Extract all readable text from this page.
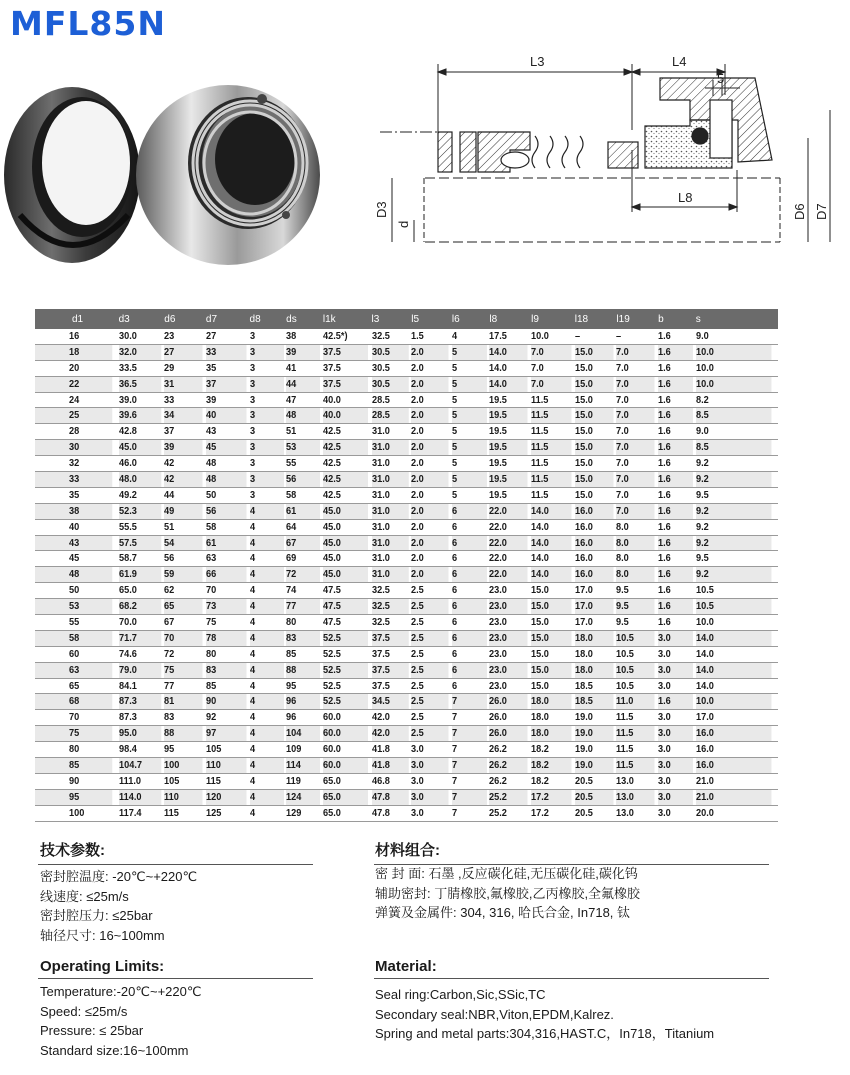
MFL85N
L3	L4
5
L8
D3
d
D6 D7
d1	d3	d6	d7	d8	ds	l1k	l3	l5	l6	l8	l9	l18	l19	b	s
16	30.0	23	27	3	38	42.5*)	32.5	1.5	4	17.5	10.0	–	–	1.6	9.0
18	32.0	27	33	3	39	37.5	30.5	2.0	5	14.0	7.0	15.0	7.0	1.6	10.0
20	33.5	29	35	3	41	37.5	30.5	2.0	5	14.0	7.0	15.0	7.0	1.6	10.0
22	36.5	31	37	3	44	37.5	30.5	2.0	5	14.0	7.0	15.0	7.0	1.6	10.0
24	39.0	33	39	3	47	40.0	28.5	2.0	5	19.5	11.5	15.0	7.0	1.6	8.2
25	39.6	34	40	3	48	40.0	28.5	2.0	5	19.5	11.5	15.0	7.0	1.6	8.5
28	42.8	37	43	3	51	42.5	31.0	2.0	5	19.5	11.5	15.0	7.0	1.6	9.0
30	45.0	39	45	3	53	42.5	31.0	2.0	5	19.5	11.5	15.0	7.0	1.6	8.5
32	46.0	42	48	3	55	42.5	31.0	2.0	5	19.5	11.5	15.0	7.0	1.6	9.2
33	48.0	42	48	3	56	42.5	31.0	2.0	5	19.5	11.5	15.0	7.0	1.6	9.2
35	49.2	44	50	3	58	42.5	31.0	2.0	5	19.5	11.5	15.0	7.0	1.6	9.5
38	52.3	49	56	4	61	45.0	31.0	2.0	6	22.0	14.0	16.0	7.0	1.6	9.2
40	55.5	51	58	4	64	45.0	31.0	2.0	6	22.0	14.0	16.0	8.0	1.6	9.2
43	57.5	54	61	4	67	45.0	31.0	2.0	6	22.0	14.0	16.0	8.0	1.6	9.2
45	58.7	56	63	4	69	45.0	31.0	2.0	6	22.0	14.0	16.0	8.0	1.6	9.5
48	61.9	59	66	4	72	45.0	31.0	2.0	6	22.0	14.0	16.0	8.0	1.6	9.2
50	65.0	62	70	4	74	47.5	32.5	2.5	6	23.0	15.0	17.0	9.5	1.6	10.5
53	68.2	65	73	4	77	47.5	32.5	2.5	6	23.0	15.0	17.0	9.5	1.6	10.5
55	70.0	67	75	4	80	47.5	32.5	2.5	6	23.0	15.0	17.0	9.5	1.6	10.0
58	71.7	70	78	4	83	52.5	37.5	2.5	6	23.0	15.0	18.0	10.5	3.0	14.0
60	74.6	72	80	4	85	52.5	37.5	2.5	6	23.0	15.0	18.0	10.5	3.0	14.0
63	79.0	75	83	4	88	52.5	37.5	2.5	6	23.0	15.0	18.0	10.5	3.0	14.0
65	84.1	77	85	4	95	52.5	37.5	2.5	6	23.0	15.0	18.5	10.5	3.0	14.0
68	87.3	81	90	4	96	52.5	34.5	2.5	7	26.0	18.0	18.5	11.0	1.6	10.0
70	87.3	83	92	4	96	60.0	42.0	2.5	7	26.0	18.0	19.0	11.5	3.0	17.0
75	95.0	88	97	4	104	60.0	42.0	2.5	7	26.0	18.0	19.0	11.5	3.0	16.0
80	98.4	95	105	4	109	60.0	41.8	3.0	7	26.2	18.2	19.0	11.5	3.0	16.0
85	104.7	100	110	4	114	60.0	41.8	3.0	7	26.2	18.2	19.0	11.5	3.0	16.0
90	111.0	105	115	4	119	65.0	46.8	3.0	7	26.2	18.2	20.5	13.0	3.0	21.0
95	114.0	110	120	4	124	65.0	47.8	3.0	7	25.2	17.2	20.5	13.0	3.0	21.0
100	117.4	115	125	4	129	65.0	47.8	3.0	7	25.2	17.2	20.5	13.0	3.0	20.0
技术参数:
密封腔温度: -20℃~+220℃
线速度: ≤25m/s
密封腔压力: ≤25bar
轴径尺寸: 16~100mm
材料组合:
密 封 面: 石墨 ,反应碳化硅,无压碳化硅,碳化钨
辅助密封: 丁腈橡胶,氟橡胶,乙丙橡胶,全氟橡胶
弹簧及金属件: 304, 316, 哈氏合金, In718, 钛
Operating Limits:
Temperature:-20℃~+220℃
Speed: ≤25m/s
Pressure: ≤ 25bar
Standard size:16~100mm
Material:
Seal ring:Carbon,Sic,SSic,TC
Secondary seal:NBR,Viton,EPDM,Kalrez.
Spring and metal parts:304,316,HAST.C，In718，Titanium
